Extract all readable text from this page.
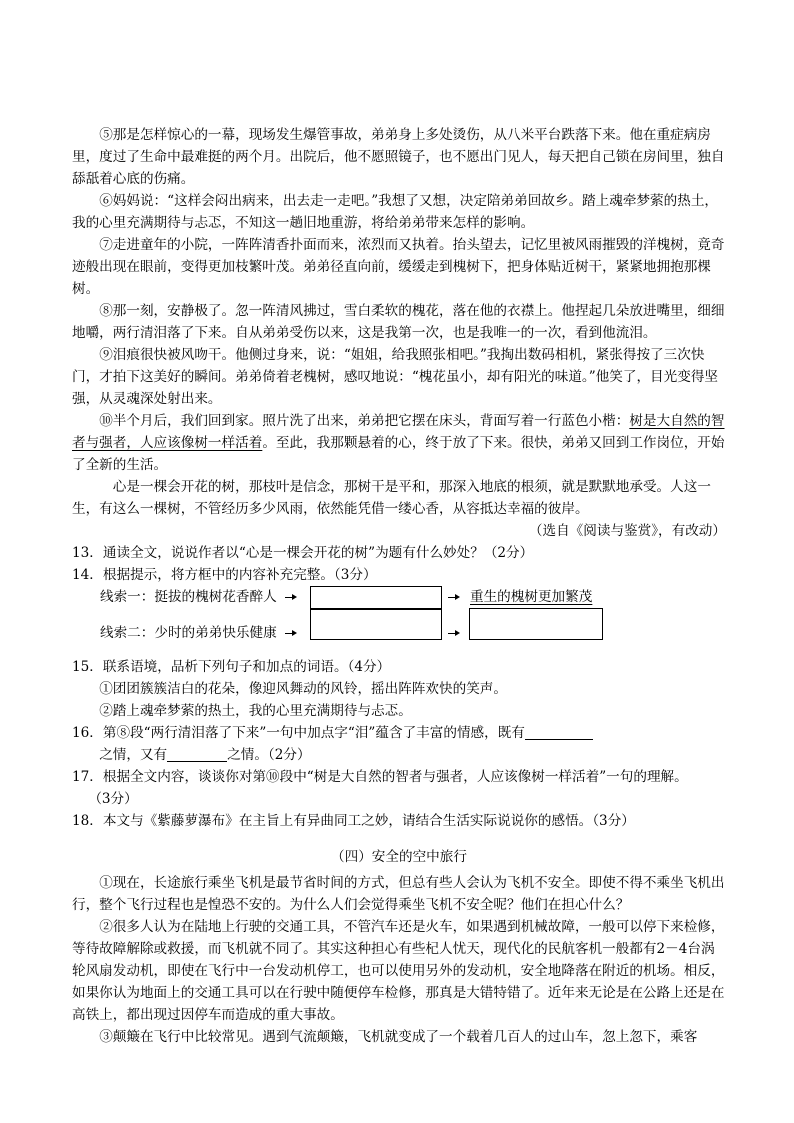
⑤那是怎样惊心的一幕，现场发生爆管事故，弟弟身上多处烫伤，从八米平台跌落下来。他在重症病房里，度过了生命中最难挺的两个月。出院后，他不愿照镜子，也不愿出门见人，每天把自己锁在房间里，独自舔舐着心底的伤痛。

⑥妈妈说：“这样会闷出病来，出去走一走吧。”我想了又想，决定陪弟弟回故乡。踏上魂牵梦萦的热土，我的心里充满期待与忐忑，不知这一趟旧地重游，将给弟弟带来怎样的影响。

⑦走进童年的小院，一阵阵清香扑面而来，浓烈而又执着。抬头望去，记忆里被风雨摧毁的洋槐树，竟奇迹般出现在眼前，变得更加枝繁叶茂。弟弟径直向前，缓缓走到槐树下，把身体贴近树干，紧紧地拥抱那棵树。

⑧那一刻，安静极了。忽一阵清风拂过，雪白柔软的槐花，落在他的衣襟上。他捏起几朵放进嘴里，细细地嚼，两行清泪落了下来。自从弟弟受伤以来，这是我第一次，也是我唯一的一次，看到他流泪。

⑨泪痕很快被风吻干。他侧过身来，说：“姐姐，给我照张相吧。”我掏出数码相机，紧张得按了三次快门，才拍下这美好的瞬间。弟弟倚着老槐树，感叹地说：“槐花虽小，却有阳光的味道。”他笑了，目光变得坚强，从灵魂深处射出来。

⑩半个月后，我们回到家。照片洗了出来，弟弟把它摆在床头，背面写着一行蓝色小楷：树是大自然的智者与强者，人应该像树一样活着。至此，我那颗悬着的心，终于放了下来。很快，弟弟又回到工作岗位，开始了全新的生活。

心是一棵会开花的树，那枝叶是信念，那树干是平和，那深入地底的根须，就是默默地承受。人这一生，有这么一棵树，不管经历多少风雨，依然能凭借一缕心香，从容抵达幸福的彼岸。

（选自《阅读与鉴赏》，有改动）

13．通读全文，说说作者以“心是一棵会开花的树”为题有什么妙处？（2分）

14．根据提示，将方框中的内容补充完整。（3分）

线索一：挺拔的槐树花香醉人	重生的槐树更加繁茂
线索二：少时的弟弟快乐健康

15．联系语境，品析下列句子和加点的词语。（4分）

①团团簇簇洁白的花朵，像迎风舞动的风铃，摇出阵阵欢快的笑声。

②踏上魂牵梦萦的热土，我的心里充满期待与忐忑。

16．第⑧段“两行清泪落了下来”一句中加点字“泪”蕴含了丰富的情感，既有
之情，又有	之情。（2分）

17．根据全文内容，谈谈你对第⑩段中“树是大自然的智者与强者，人应该像树一样活着”一句的理解。

（3分）

18．本文与《紫藤萝瀑布》在主旨上有异曲同工之妙，请结合生活实际说说你的感悟。（3分）

（四）安全的空中旅行

①现在，长途旅行乘坐飞机是最节省时间的方式，但总有些人会认为飞机不安全。即使不得不乘坐飞机出行，整个飞行过程也是惶恐不安的。为什么人们会觉得乘坐飞机不安全呢？他们在担心什么？

②很多人认为在陆地上行驶的交通工具，不管汽车还是火车，如果遇到机械故障，一般可以停下来检修，等待故障解除或救援，而飞机就不同了。其实这种担心有些杞人忧天，现代化的民航客机一般都有2－4台涡轮风扇发动机，即使在飞行中一台发动机停工，也可以使用另外的发动机，安全地降落在附近的机场。相反，如果你认为地面上的交通工具可以在行驶中随便停车检修，那真是大错特错了。近年来无论是在公路上还是在高铁上，都出现过因停车而造成的重大事故。

③颠簸在飞行中比较常见。遇到气流颠簸，飞机就变成了一个载着几百人的过山车，忽上忽下，乘客
